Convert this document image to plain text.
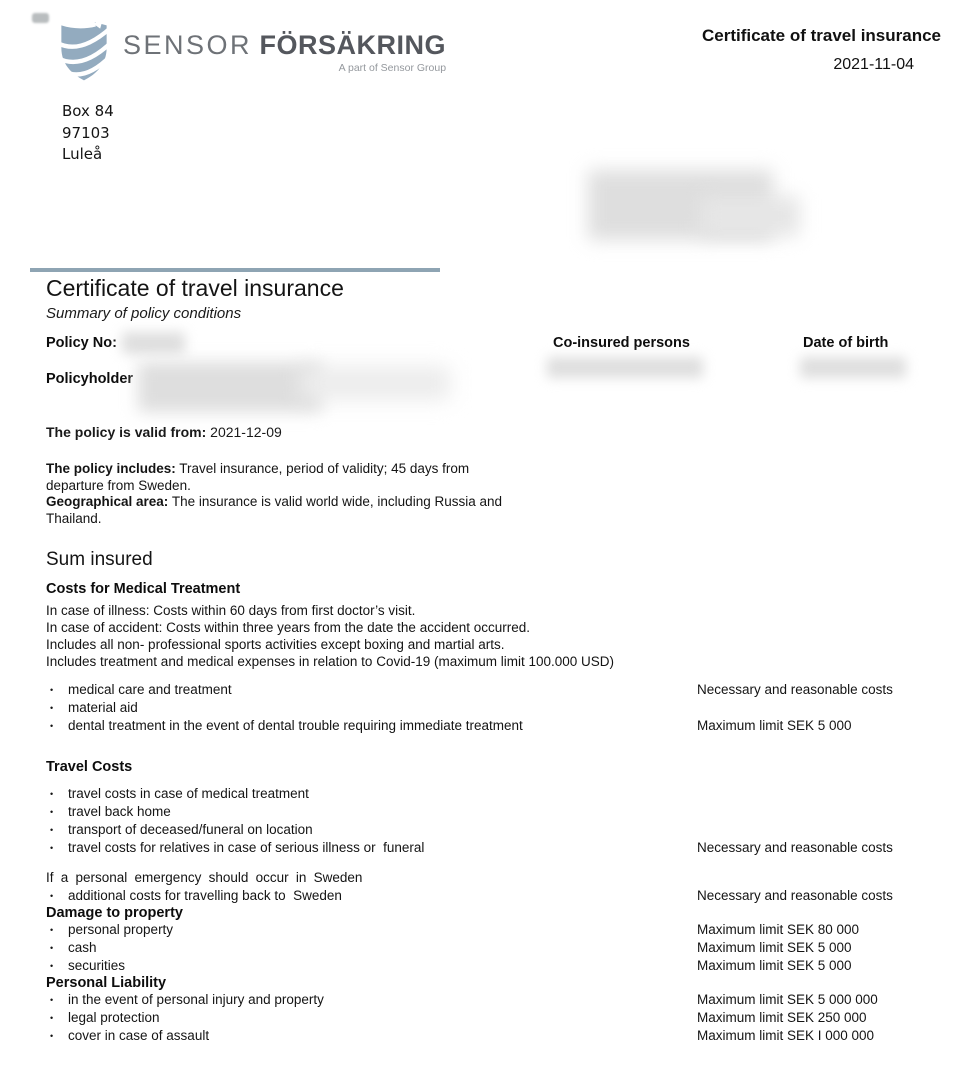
SENSOR FÖRSÄKRING
A part of Sensor Group
Certificate of travel insurance
2021-11-04
Box 84
97103
Luleå
Certificate of travel insurance
Summary of policy conditions
Policy No:	Co-insured persons	Date of birth
Policyholder
The policy is valid from: 2021-12-09
The policy includes: Travel insurance, period of validity; 45 days from departure from Sweden.
Geographical area: The insurance is valid world wide, including Russia and Thailand.
Sum insured
Costs for Medical Treatment
In case of illness: Costs within 60 days from first doctor’s visit.
In case of accident: Costs within three years from the date the accident occurred.
Includes all non- professional sports activities except boxing and martial arts.
Includes treatment and medical expenses in relation to Covid-19 (maximum limit 100.000 USD)
• medical care and treatment	Necessary and reasonable costs
• material aid
• dental treatment in the event of dental trouble requiring immediate treatment	Maximum limit SEK 5 000
Travel Costs
• travel costs in case of medical treatment
• travel back home
• transport of deceased/funeral on location
• travel costs for relatives in case of serious illness or  funeral	Necessary and reasonable costs
If a personal emergency should occur in Sweden
• additional costs for travelling back to  Sweden	Necessary and reasonable costs
Damage to property
• personal property	Maximum limit SEK 80 000
• cash	Maximum limit SEK 5 000
• securities	Maximum limit SEK 5 000
Personal Liability
• in the event of personal injury and property	Maximum limit SEK 5 000 000
• legal protection	Maximum limit SEK 250 000
• cover in case of assault	Maximum limit SEK I 000 000
